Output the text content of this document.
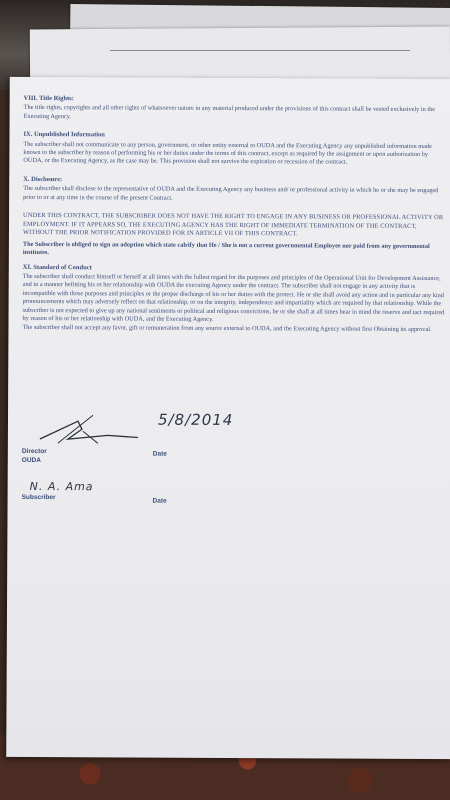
VIII. Title Rights:

The title rights, copyrights and all other rights of whatsoever nature in any material produced under the provisions of this contract shall be vested exclusively in the Executing Agency.

IX. Unpublished Information

The subscriber shall not communicate to any person, government, or other entity external to OUDA and the Executing Agency any unpublished information made known to the subscriber by reason of performing his or her duties under the terms of this contract, except as required by the assignment or upon authorization by OUDA, or the Executing Agency, as the case may be. This provision shall not survive the expiration or recession of the contract.

X. Disclosure:

The subscriber shall disclose to the representative of OUDA and the Executing Agency any business and/ or professional activity in which he or she may be engaged prior to or at any time in the course of the present Contract.

UNDER THIS CONTRACT, THE SUBSCRIBER DOES NOT HAVE THE RIGHT TO ENGAGE IN ANY BUSINESS OR PROFESSIONAL ACTIVITY OR EMPLOYMENT. IF IT APPEARS SO, THE EXECUTING AGENCY HAS THE RIGHT OF IMMEDIATE TERMINATION OF THE CONTRACT, WITHOUT THE PRIOR NOTIFICATION PROVIDED FOR IN ARTICLE VII OF THIS CONTRACT.

The Subscriber is obliged to sign an adoption which state calrify that He / She is not a current governmental Employee nor paid from any governmental institutes.

XI. Standard of Conduct

The subscriber shall conduct himself or herself at all times with the fullest regard for the purposes and principles of the Operational Unit for Development Assistance, and in a manner befitting his or her relationship with OUDA the executing Agency under the contract. The subscriber shall not engage in any activity that is incompatible with those purposes and principles or the proper discharge of his or her duties with the protect. He or she shall avoid any action and in particular any kind pronouncements which may adversely reflect on that relationship, or on the integrity, independence and impartiality which are required by that relationship. While the subscriber is not expected to give up any national sentiments or political and religious convictions, he or she shall at all times bear in mind the reserve and tact required by reason of his or her relationship with OUDA, and the Executing Agency.

The subscriber shall not accept any favor, gift or remuneration from any source external to OUDA, and the Executing Agency without first Obtaining its approval.

Director
OUDA
Date
5/8/2014
N. A. Ama
Subscriber
Date
